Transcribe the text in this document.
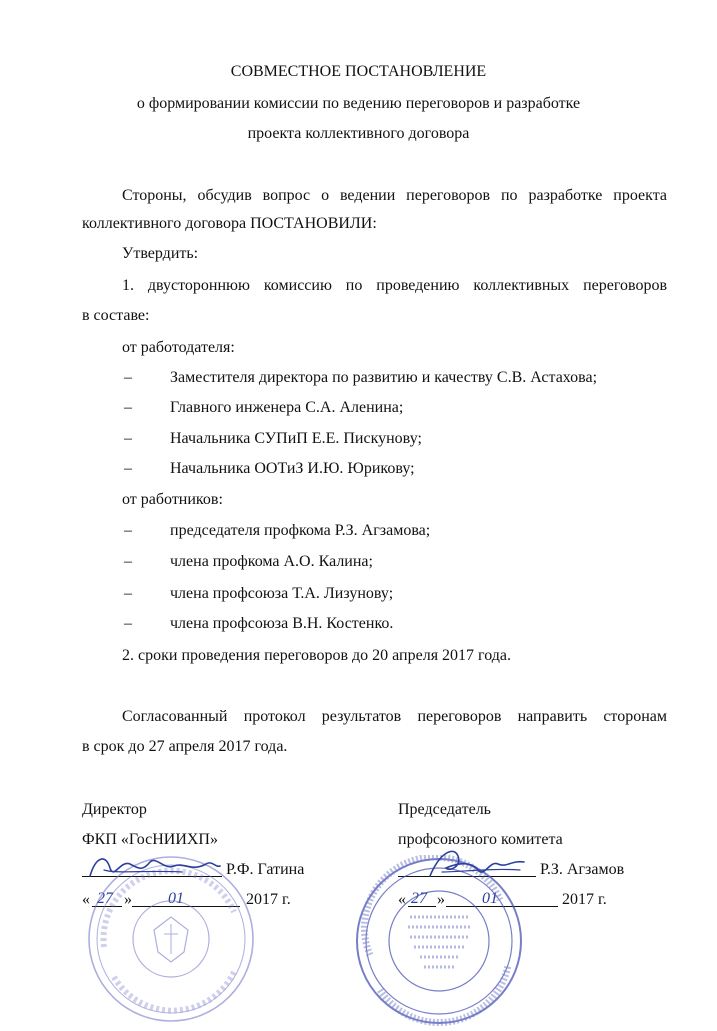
СОВМЕСТНОЕ ПОСТАНОВЛЕНИЕ
о формировании комиссии по ведению переговоров и разработке
проекта коллективного договора
Стороны, обсудив вопрос о ведении переговоров по разработке проекта
коллективного договора ПОСТАНОВИЛИ:
Утвердить:
1. двустороннюю комиссию по проведению коллективных переговоров
в составе:
от работодателя:
– Заместителя директора по развитию и качеству С.В. Астахова;
– Главного инженера С.А. Аленина;
– Начальника СУПиП Е.Е. Пискунову;
– Начальника ООТиЗ И.Ю. Юрикову;
от работников:
– председателя профкома Р.З. Агзамова;
– члена профкома А.О. Калина;
– члена профсоюза Т.А. Лизунову;
– члена профсоюза В.Н. Костенко.
2. сроки проведения переговоров до 20 апреля 2017 года.
Согласованный протокол результатов переговоров направить сторонам
в срок до 27 апреля 2017 года.
Директор
ФКП «ГосНИИХП»
Р.Ф. Гатина
« 27 » 01	2017 г.
Председатель
профсоюзного комитета
Р.З. Агзамов
« 27 » 01	2017 г.
